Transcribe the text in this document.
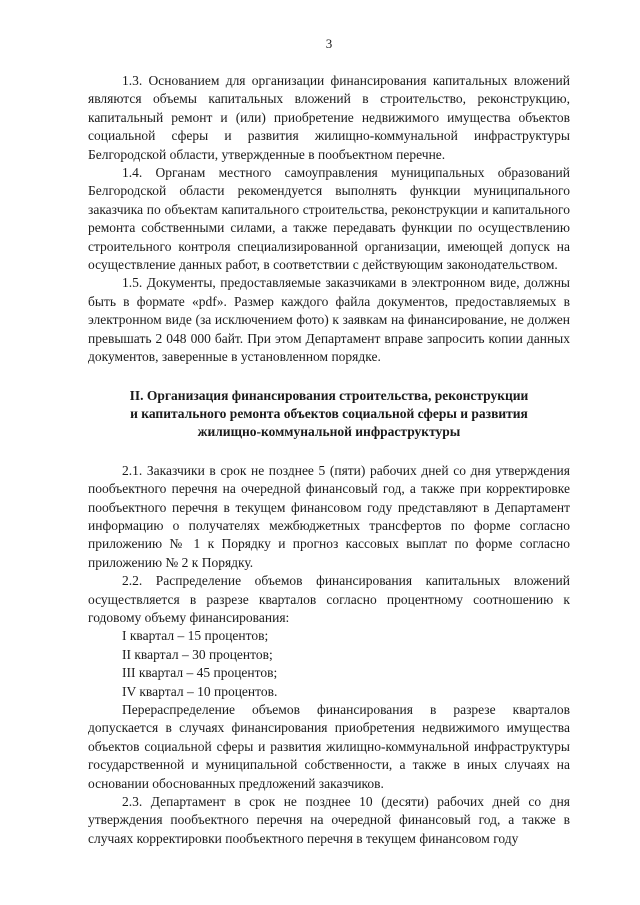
3

1.3. Основанием для организации финансирования капитальных вложений являются объемы капитальных вложений в строительство, реконструкцию, капитальный ремонт и (или) приобретение недвижимого имущества объектов социальной сферы и развития жилищно-коммунальной инфраструктуры Белгородской области, утвержденные в пообъектном перечне.

1.4. Органам местного самоуправления муниципальных образований Белгородской области рекомендуется выполнять функции муниципального заказчика по объектам капитального строительства, реконструкции и капитального ремонта собственными силами, а также передавать функции по осуществлению строительного контроля специализированной организации, имеющей допуск на осуществление данных работ, в соответствии с действующим законодательством.

1.5. Документы, предоставляемые заказчиками в электронном виде, должны быть в формате «pdf». Размер каждого файла документов, предоставляемых в электронном виде (за исключением фото) к заявкам на финансирование, не должен превышать 2 048 000 байт. При этом Департамент вправе запросить копии данных документов, заверенные в установленном порядке.

II. Организация финансирования строительства, реконструкции
и капитального ремонта объектов социальной сферы и развития
жилищно-коммунальной инфраструктуры

2.1. Заказчики в срок не позднее 5 (пяти) рабочих дней со дня утверждения пообъектного перечня на очередной финансовый год, а также при корректировке пообъектного перечня в текущем финансовом году представляют в Департамент информацию о получателях межбюджетных трансфертов по форме согласно приложению № 1 к Порядку и прогноз кассовых выплат по форме согласно приложению № 2 к Порядку.

2.2. Распределение объемов финансирования капитальных вложений осуществляется в разрезе кварталов согласно процентному соотношению к годовому объему финансирования:

I квартал – 15 процентов;

II квартал – 30 процентов;

III квартал – 45 процентов;

IV квартал – 10 процентов.

Перераспределение объемов финансирования в разрезе кварталов допускается в случаях финансирования приобретения недвижимого имущества объектов социальной сферы и развития жилищно-коммунальной инфраструктуры государственной и муниципальной собственности, а также в иных случаях на основании обоснованных предложений заказчиков.

2.3. Департамент в срок не позднее 10 (десяти) рабочих дней со дня утверждения пообъектного перечня на очередной финансовый год, а также в случаях корректировки пообъектного перечня в текущем финансовом году
